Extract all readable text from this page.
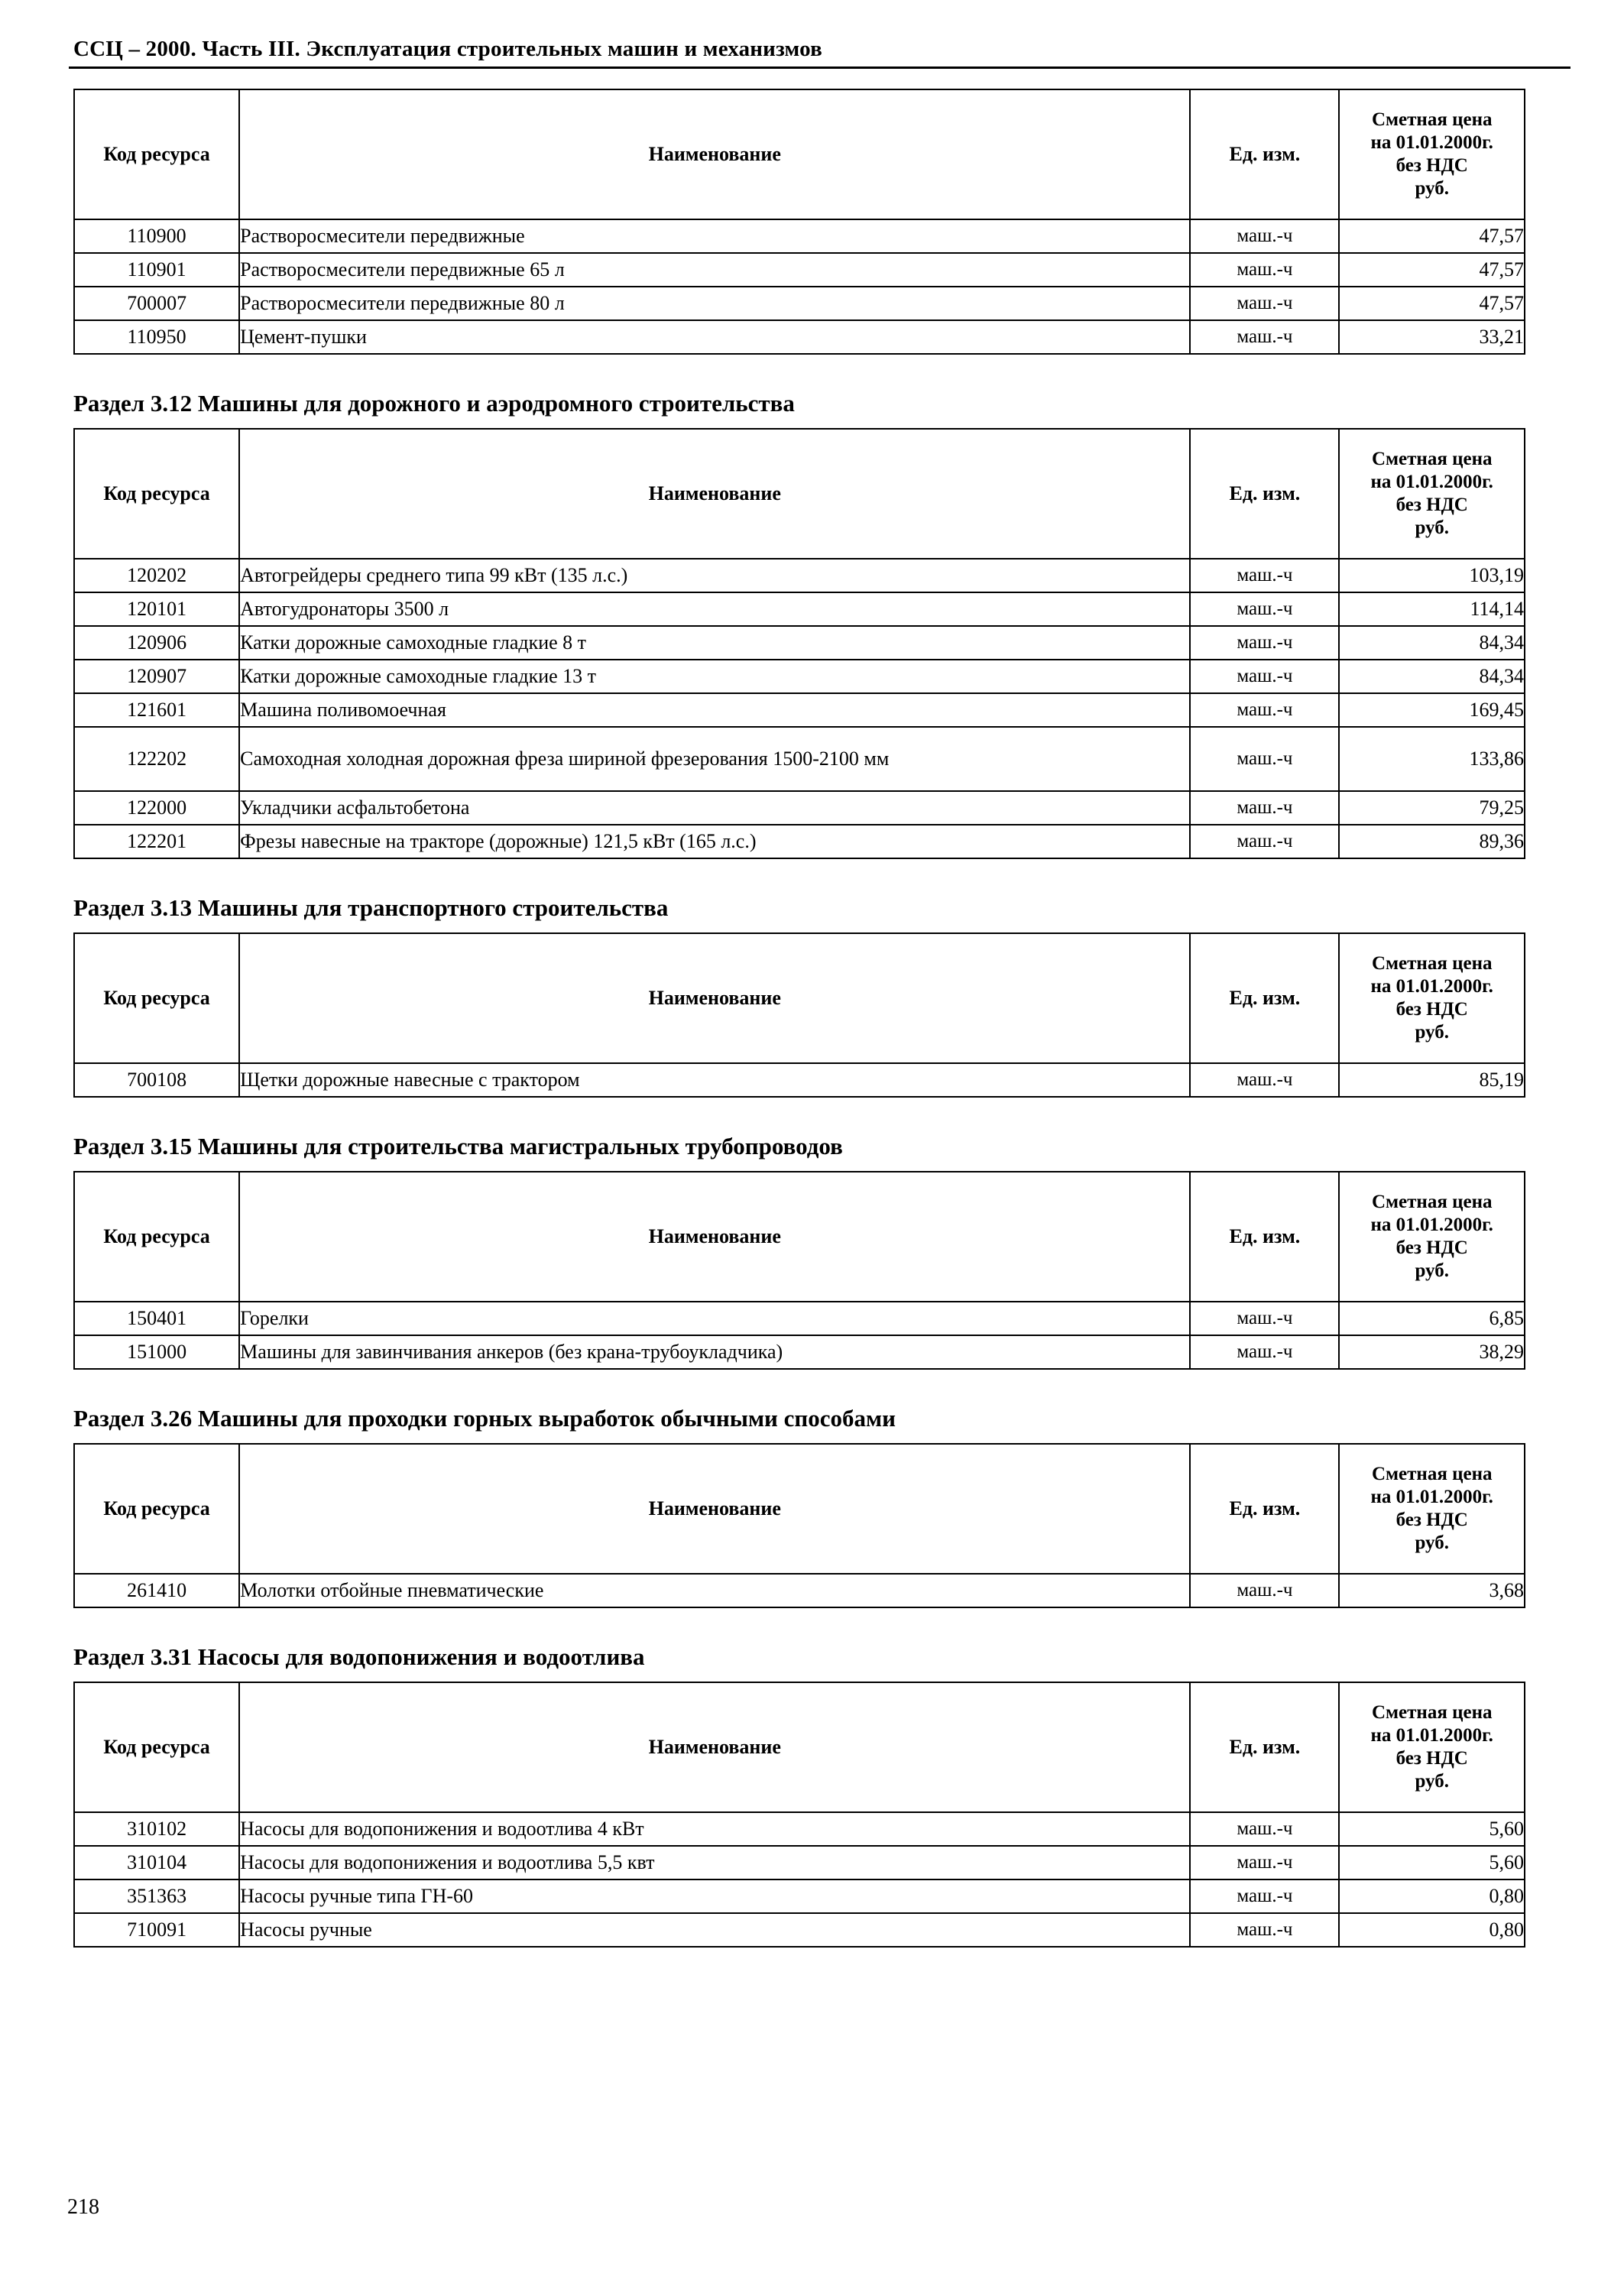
ССЦ – 2000. Часть III. Эксплуатация строительных машин и механизмов
Код ресурса	Наименование	Ед. изм.	Сметная цена
на 01.01.2000г.
без НДС
руб.

110900	Растворосмесители передвижные	маш.-ч	47,57
110901	Растворосмесители передвижные 65 л	маш.-ч	47,57
700007	Растворосмесители передвижные 80 л	маш.-ч	47,57
110950	Цемент-пушки	маш.-ч	33,21
Раздел 3.12 Машины для дорожного и аэродромного строительства
Код ресурса	Наименование	Ед. изм.	Сметная цена
на 01.01.2000г.
без НДС
руб.

120202	Автогрейдеры среднего типа 99 кВт (135 л.с.)	маш.-ч	103,19
120101	Автогудронаторы 3500 л	маш.-ч	114,14
120906	Катки дорожные самоходные гладкие 8 т	маш.-ч	84,34
120907	Катки дорожные самоходные гладкие 13 т	маш.-ч	84,34
121601	Машина поливомоечная	маш.-ч	169,45
122202	Самоходная холодная дорожная фреза шириной фрезерования 1500-2100 мм	маш.-ч	133,86
122000	Укладчики асфальтобетона	маш.-ч	79,25
122201	Фрезы навесные на тракторе (дорожные) 121,5 кВт (165 л.с.)	маш.-ч	89,36
Раздел 3.13 Машины для транспортного строительства
Код ресурса	Наименование	Ед. изм.	Сметная цена
на 01.01.2000г.
без НДС
руб.

700108	Щетки дорожные навесные с трактором	маш.-ч	85,19
Раздел 3.15 Машины для строительства магистральных трубопроводов
Код ресурса	Наименование	Ед. изм.	Сметная цена
на 01.01.2000г.
без НДС
руб.

150401	Горелки	маш.-ч	6,85
151000	Машины для завинчивания анкеров (без крана-трубоукладчика)	маш.-ч	38,29
Раздел 3.26 Машины для проходки горных выработок обычными способами
Код ресурса	Наименование	Ед. изм.	Сметная цена
на 01.01.2000г.
без НДС
руб.

261410	Молотки отбойные пневматические	маш.-ч	3,68
Раздел 3.31 Насосы для водопонижения и водоотлива
Код ресурса	Наименование	Ед. изм.	Сметная цена
на 01.01.2000г.
без НДС
руб.

310102	Насосы для водопонижения и водоотлива 4 кВт	маш.-ч	5,60
310104	Насосы для водопонижения и водоотлива 5,5 квт	маш.-ч	5,60
351363	Насосы ручные типа ГН-60	маш.-ч	0,80
710091	Насосы ручные	маш.-ч	0,80
218
